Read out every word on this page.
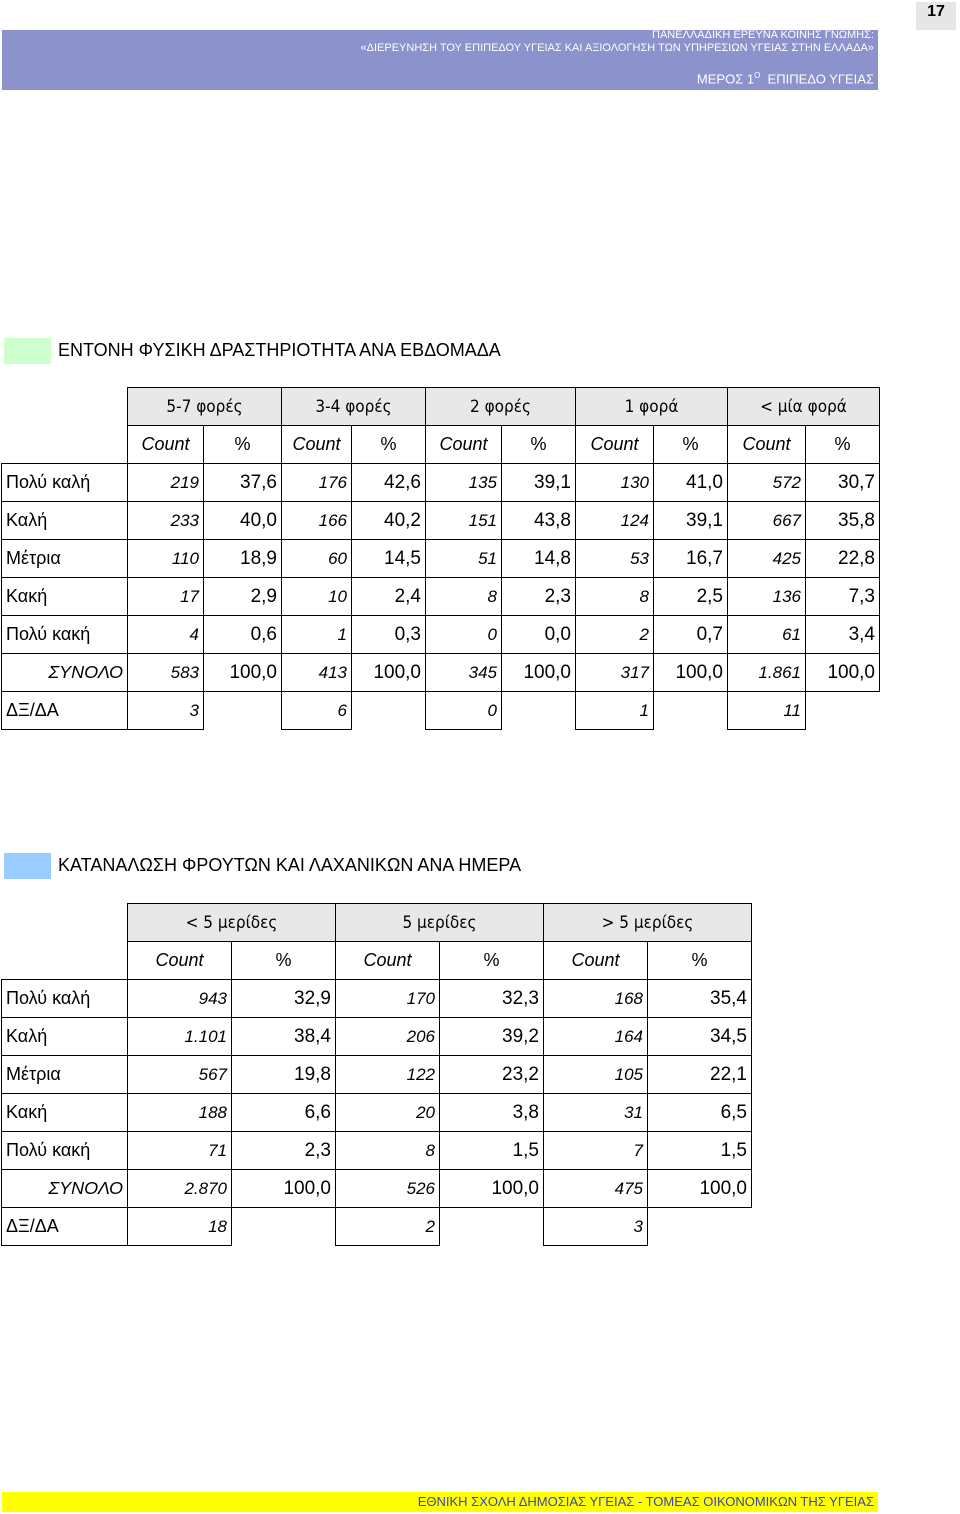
17
ΠΑΝΕΛΛΑΔΙΚΗ ΕΡΕΥΝΑ ΚΟΙΝΗΣ ΓΝΩΜΗΣ:
«ΔΙΕΡΕΥΝΗΣΗ ΤΟΥ ΕΠΙΠΕΔΟΥ ΥΓΕΙΑΣ ΚΑΙ ΑΞΙΟΛΟΓΗΣΗ ΤΩΝ ΥΠΗΡΕΣΙΩΝ ΥΓΕΙΑΣ ΣΤΗΝ ΕΛΛΑΔΑ»
ΜΕΡΟΣ $1^O$ ΕΠΙΠΕΔΟ ΥΓΕΙΑΣ
ΕΝΤΟΝΗ ΦΥΣΙΚΗ ΔΡΑΣΤΗΡΙΟΤΗΤΑ ΑΝΑ ΕΒΔΟΜΑΔΑ
	5-7 φορές		3-4 φορές		2 φορές		1 φορά		< μία φορά	
	Count	%	Count	%	Count	%	Count	%	Count	%
Πολύ καλή	219	37,6	176	42,6	135	39,1	130	41,0	572	30,7
Καλή	233	40,0	166	40,2	151	43,8	124	39,1	667	35,8
Μέτρια	110	18,9	60	14,5	51	14,8	53	16,7	425	22,8
Κακή	17	2,9	10	2,4	8	2,3	8	2,5	136	7,3
Πολύ κακή	4	0,6	1	0,3	0	0,0	2	0,7	61	3,4
ΣΥΝΟΛΟ	583	100,0	413	100,0	345	100,0	317	100,0	1.861	100,0
ΔΞ/ΔΑ	3		6		0		1		11	
ΚΑΤΑΝΑΛΩΣΗ ΦΡΟΥΤΩΝ ΚΑΙ ΛΑΧΑΝΙΚΩΝ ΑΝΑ ΗΜΕΡΑ
	< 5 μερίδες		5 μερίδες		> 5 μερίδες	
	Count	%	Count	%	Count	%
Πολύ καλή	943	32,9	170	32,3	168	35,4
Καλή	1.101	38,4	206	39,2	164	34,5
Μέτρια	567	19,8	122	23,2	105	22,1
Κακή	188	6,6	20	3,8	31	6,5
Πολύ κακή	71	2,3	8	1,5	7	1,5
ΣΥΝΟΛΟ	2.870	100,0	526	100,0	475	100,0
ΔΞ/ΔΑ	18		2		3	
ΕΘΝΙΚΗ ΣΧΟΛΗ ΔΗΜΟΣΙΑΣ ΥΓΕΙΑΣ - ΤΟΜΕΑΣ ΟΙΚΟΝΟΜΙΚΩΝ ΤΗΣ ΥΓΕΙΑΣ
